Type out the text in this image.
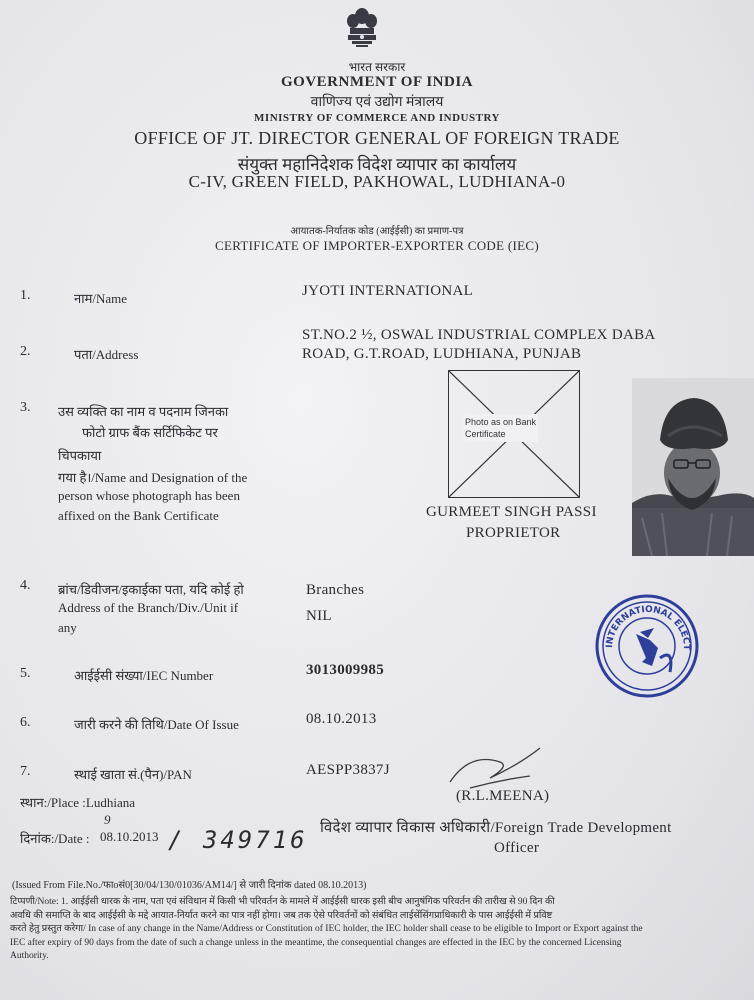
भारत सरकार
GOVERNMENT OF INDIA
वाणिज्य एवं उद्योग मंत्रालय
MINISTRY OF COMMERCE AND INDUSTRY
OFFICE OF JT. DIRECTOR GENERAL OF FOREIGN TRADE
संयुक्त महानिदेशक विदेश व्यापार का कार्यालय
C-IV, GREEN FIELD, PAKHOWAL, LUDHIANA-0
आयातक-निर्यातक कोड (आईईसी) का प्रमाण-पत्र
CERTIFICATE OF IMPORTER-EXPORTER CODE (IEC)
1.	नाम/Name	JYOTI INTERNATIONAL
2.	पता/Address
ST.NO.2 ½, OSWAL INDUSTRIAL COMPLEX DABA
ROAD, G.T.ROAD, LUDHIANA, PUNJAB
3. उस व्यक्ति का नाम व पदनाम जिनका
फोटो ग्राफ बैंक सर्टिफिकेट पर
चिपकाया
गया है।/Name and Designation of the
person whose photograph has been
affixed on the Bank Certificate
Photo as on Bank
Certificate
GURMEET SINGH PASSI
PROPRIETOR
4. ब्रांच/डिवीजन/इकाईका पता, यदि कोई हो
Address of the Branch/Div./Unit if
any
Branches
NIL
INTERNATIONAL ELECT
5.	आईईसी संख्या/IEC Number	3013009985
6.	जारी करने की तिथि/Date Of Issue	08.10.2013
7.	स्थाई खाता सं.(पैन)/PAN	AESPP3837J
(R.L.MEENA)
स्थान:/Place :Ludhiana
दिनांक:/Date : 08.10.2013
9
/ 349716 विदेश व्यापार विकास अधिकारी/Foreign Trade Development
Officer
(Issued From File.No./फाoसं0[30/04/130/01036/AM14/] से जारी दिनांक dated 08.10.2013)
टिप्पणी/Note: 1. आईईसी धारक के नाम, पता एवं संविधान में किसी भी परिवर्तन के मामले में आईईसी धारक इसी बीच आनुषंगिक परिवर्तन की तारीख से 90 दिन की
अवधि की समाप्ति के बाद आईईसी के मद्दे आयात-निर्यात करने का पात्र नहीं होगा। जब तक ऐसे परिवर्तनों को संबंधित लाईसेंसिंगप्राधिकारी के पास आईईसी में प्रविष्ट
करते हेतु प्रस्तुत करेगा/ In case of any change in the Name/Address or Constitution of IEC holder, the IEC holder shall cease to be eligible to Import or Export against the
IEC after expiry of 90 days from the date of such a change unless in the meantime, the consequential changes are effected in the IEC by the concerned Licensing
Authority.
